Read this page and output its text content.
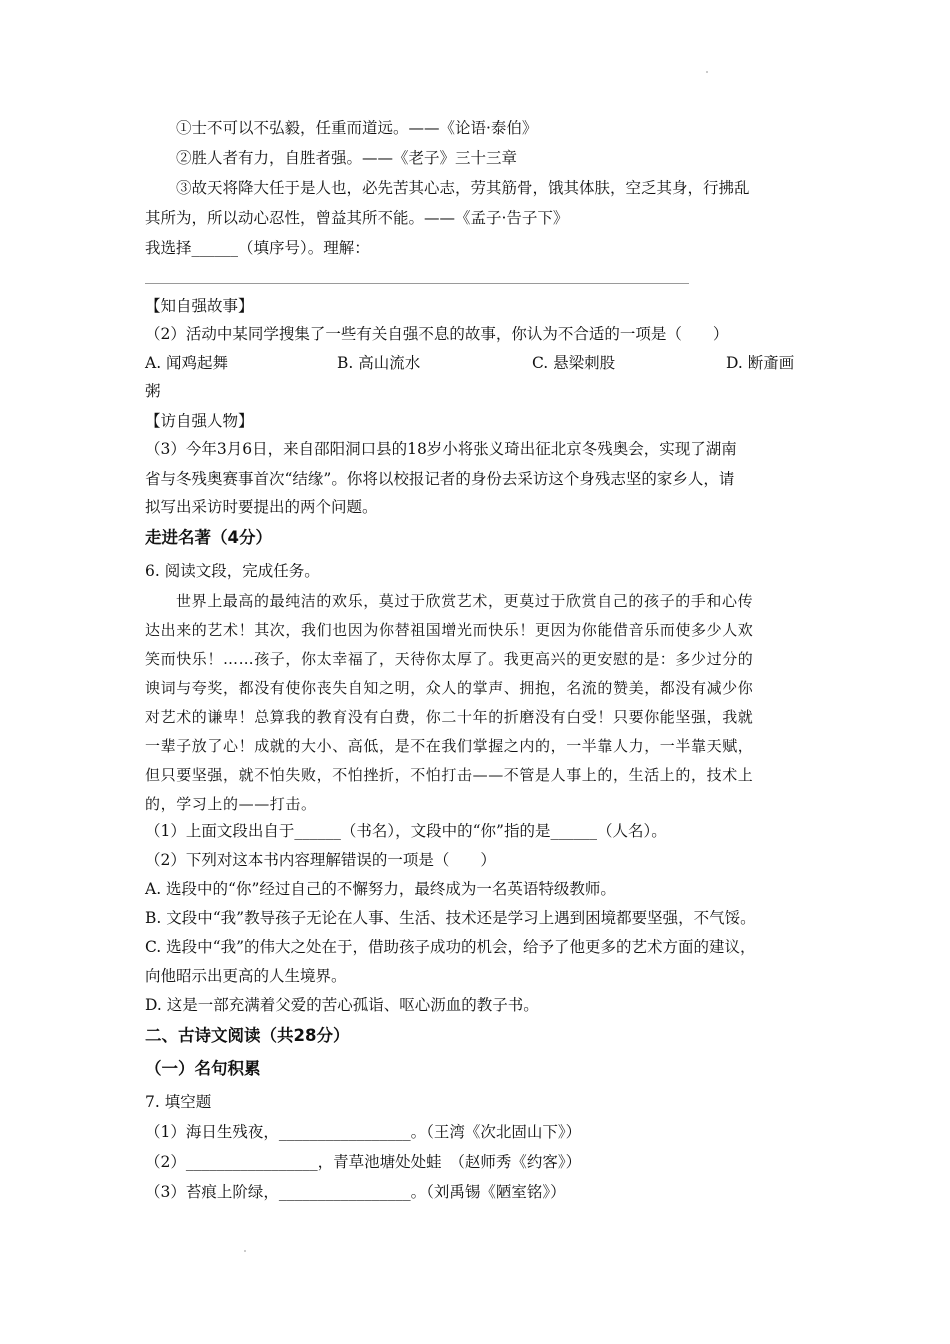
①士不可以不弘毅，任重而道远。——《论语·泰伯》
②胜人者有力，自胜者强。——《老子》三十三章
③故天将降大任于是人也，必先苦其心志，劳其筋骨，饿其体肤，空乏其身，行拂乱
其所为，所以动心忍性，曾益其所不能。——《孟子·告子下》
我选择______（填序号）。理解：
【知自强故事】
（2）活动中某同学搜集了一些有关自强不息的故事，你认为不合适的一项是（　　）
A. 闻鸡起舞	B. 高山流水	C. 悬梁刺股	D. 断齑画
粥
【访自强人物】
（3）今年3月6日，来自邵阳洞口县的18岁小将张义琦出征北京冬残奥会，实现了湖南
省与冬残奥赛事首次“结缘”。你将以校报记者的身份去采访这个身残志坚的家乡人，请
拟写出采访时要提出的两个问题。
走进名著（4分）
6. 阅读文段，完成任务。
世界上最高的最纯洁的欢乐，莫过于欣赏艺术，更莫过于欣赏自己的孩子的手和心传
达出来的艺术！其次，我们也因为你替祖国增光而快乐！更因为你能借音乐而使多少人欢
笑而快乐！……孩子，你太幸福了，天待你太厚了。我更高兴的更安慰的是：多少过分的
谀词与夸奖，都没有使你丧失自知之明，众人的掌声、拥抱，名流的赞美，都没有减少你
对艺术的谦卑！总算我的教育没有白费，你二十年的折磨没有白受！只要你能坚强，我就
一辈子放了心！成就的大小、高低，是不在我们掌握之内的，一半靠人力，一半靠天赋，
但只要坚强，就不怕失败，不怕挫折，不怕打击——不管是人事上的，生活上的，技术上
的，学习上的——打击。
（1）上面文段出自于______（书名），文段中的“你”指的是______（人名）。
（2）下列对这本书内容理解错误的一项是（　　）
A. 选段中的“你”经过自己的不懈努力，最终成为一名英语特级教师。
B. 文段中“我”教导孩子无论在人事、生活、技术还是学习上遇到困境都要坚强，不气馁。
C. 选段中“我”的伟大之处在于，借助孩子成功的机会，给予了他更多的艺术方面的建议，
向他昭示出更高的人生境界。
D. 这是一部充满着父爱的苦心孤诣、呕心沥血的教子书。
二、古诗文阅读（共28分）
（一）名句积累
7. 填空题
（1）海日生残夜，_________________。（王湾《次北固山下》）
（2）_________________，青草池塘处处蛙　（赵师秀《约客》）
（3）苔痕上阶绿，_________________。（刘禹锡《陋室铭》）
